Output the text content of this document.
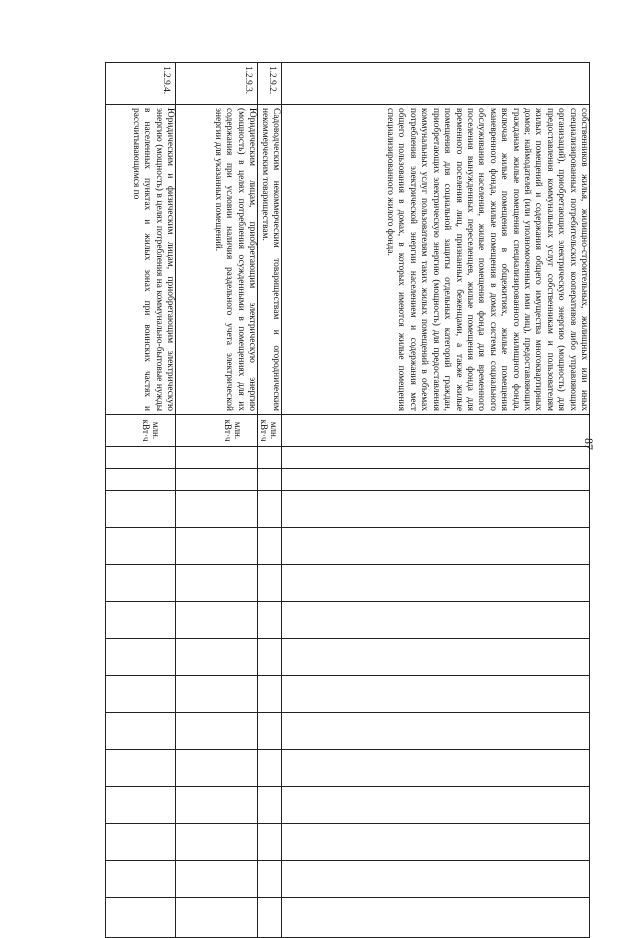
87
	собственников жилья, жилищно-строительных, жилищных или иных специализированных потребительских кооперативов либо управляющих организаций), приобретающих электрическую энергию (мощность) для предоставления коммунальных услуг собственникам и пользователям жилых помещений и содержания общего имущества многоквартирных домов; наймодателей (или уполномоченных ими лиц), предоставляющих гражданам жилые помещения специализированного жилищного фонда, включая жилые помещения в общежитиях, жилые помещения маневренного фонда, жилые помещения в домах системы социального обслуживания населения, жилые помещения фонда для временного поселения вынужденных переселенцев, жилые помещения фонда для временного поселения лиц, признанных беженцами, а также жилые помещения для социальной защиты отдельных категорий граждан, приобретающих электрическую энергию (мощность) для предоставления коммунальных услуг пользователям таких жилых помещений в объемах потребления электрической энергии населением и содержания мест общего пользования в домах, в которых имеются жилые помещения специализированного жилого фонда.															
1.2.9.2.	Садоводческим некоммерческим товариществам и огородническим некоммерческим товариществам.	млн. кВт·ч														
1.2.9.3.	Юридическим лицам, приобретающим электрическую энергию (мощность) в целях потребления осужденными в помещениях для их содержания при условии наличия раздельного учета электрической энергии для указанных помещений.	млн. кВт·ч														
1.2.9.4.	Юридическим и физическим лицам, приобретающим электрическую энергию (мощность) в целях потребления на коммунально-бытовые нужды в населенных пунктах и жилых зонах при воинских частях и рассчитывающимся по	млн. кВт·ч														
